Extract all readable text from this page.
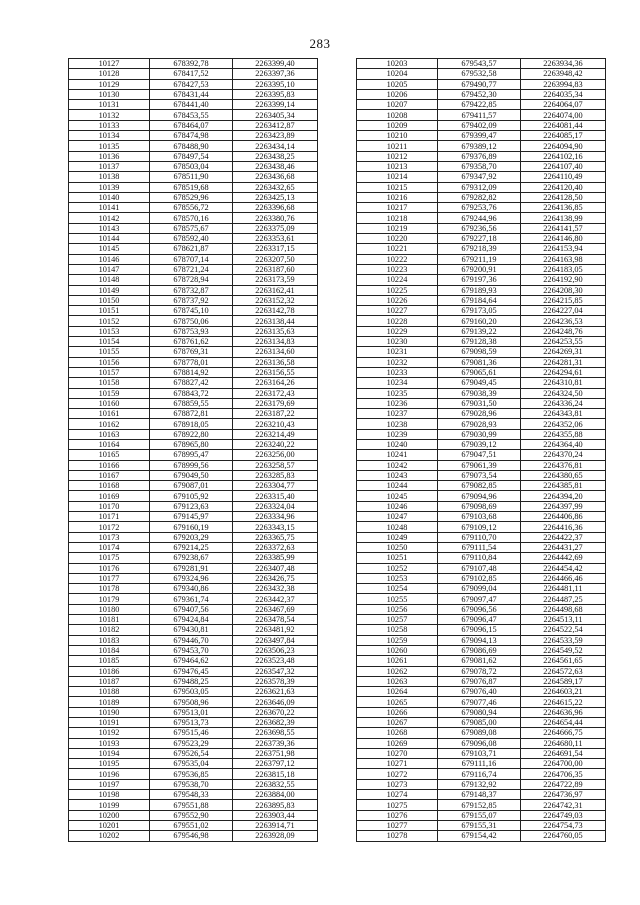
283
10127	678392,78	2263399,40
10128	678417,52	2263397,36
10129	678427,53	2263395,10
10130	678431,44	2263395,83
10131	678441,40	2263399,14
10132	678453,55	2263405,34
10133	678464,07	2263412,87
10134	678474,98	2263423,89
10135	678488,90	2263434,14
10136	678497,54	2263438,25
10137	678503,04	2263438,46
10138	678511,90	2263436,68
10139	678519,68	2263432,65
10140	678529,96	2263425,13
10141	678556,72	2263396,68
10142	678570,16	2263380,76
10143	678575,67	2263375,09
10144	678592,40	2263353,61
10145	678621,87	2263317,15
10146	678707,14	2263207,50
10147	678721,24	2263187,60
10148	678728,94	2263173,59
10149	678732,87	2263162,41
10150	678737,92	2263152,32
10151	678745,10	2263142,78
10152	678750,06	2263138,44
10153	678753,93	2263135,63
10154	678761,62	2263134,83
10155	678769,31	2263134,60
10156	678778,01	2263136,58
10157	678814,92	2263156,55
10158	678827,42	2263164,26
10159	678843,72	2263172,43
10160	678859,55	2263179,69
10161	678872,81	2263187,22
10162	678918,05	2263210,43
10163	678922,80	2263214,49
10164	678965,80	2263240,22
10165	678995,47	2263256,00
10166	678999,56	2263258,57
10167	679049,50	2263285,83
10168	679087,01	2263304,77
10169	679105,92	2263315,40
10170	679123,63	2263324,04
10171	679145,97	2263334,96
10172	679160,19	2263343,15
10173	679203,29	2263365,75
10174	679214,25	2263372,63
10175	679238,67	2263385,99
10176	679281,91	2263407,48
10177	679324,96	2263426,75
10178	679340,86	2263432,38
10179	679361,74	2263442,37
10180	679407,56	2263467,69
10181	679424,84	2263478,54
10182	679430,81	2263481,92
10183	679446,70	2263497,84
10184	679453,70	2263506,23
10185	679464,62	2263523,48
10186	679476,45	2263547,32
10187	679488,25	2263578,39
10188	679503,05	2263621,63
10189	679508,96	2263646,09
10190	679513,01	2263670,22
10191	679513,73	2263682,39
10192	679515,46	2263698,55
10193	679523,29	2263739,36
10194	679526,54	2263751,98
10195	679535,04	2263797,12
10196	679536,85	2263815,18
10197	679538,70	2263832,55
10198	679548,33	2263884,00
10199	679551,88	2263895,83
10200	679552,90	2263903,44
10201	679551,02	2263914,71
10202	679546,98	2263928,09
10203	679543,57	2263934,36
10204	679532,58	2263948,42
10205	679490,77	2263994,83
10206	679452,30	2264035,34
10207	679422,85	2264064,07
10208	679411,57	2264074,00
10209	679402,09	2264081,44
10210	679399,47	2264085,17
10211	679389,12	2264094,90
10212	679376,89	2264102,16
10213	679358,70	2264107,40
10214	679347,92	2264110,49
10215	679312,09	2264120,40
10216	679282,82	2264128,50
10217	679253,76	2264136,85
10218	679244,96	2264138,99
10219	679236,56	2264141,57
10220	679227,18	2264146,80
10221	679218,39	2264153,94
10222	679211,19	2264163,98
10223	679200,91	2264183,05
10224	679197,36	2264192,90
10225	679189,93	2264208,30
10226	679184,64	2264215,85
10227	679173,05	2264227,04
10228	679160,20	2264236,53
10229	679139,22	2264248,76
10230	679128,38	2264253,55
10231	679098,59	2264269,31
10232	679081,36	2264281,31
10233	679065,61	2264294,61
10234	679049,45	2264310,81
10235	679038,39	2264324,50
10236	679031,50	2264336,24
10237	679028,96	2264343,81
10238	679028,93	2264352,06
10239	679030,99	2264355,88
10240	679039,12	2264364,40
10241	679047,51	2264370,24
10242	679061,39	2264376,81
10243	679073,54	2264380,65
10244	679082,85	2264385,81
10245	679094,96	2264394,20
10246	679098,69	2264397,99
10247	679103,68	2264406,86
10248	679109,12	2264416,36
10249	679110,70	2264422,37
10250	679111,54	2264431,27
10251	679110,84	2264442,69
10252	679107,48	2264454,42
10253	679102,85	2264466,46
10254	679099,04	2264481,11
10255	679097,47	2264487,25
10256	679096,56	2264498,68
10257	679096,47	2264513,11
10258	679096,15	2264522,54
10259	679094,13	2264533,59
10260	679086,69	2264549,52
10261	679081,62	2264561,65
10262	679078,72	2264572,63
10263	679076,87	2264589,17
10264	679076,40	2264603,21
10265	679077,46	2264615,22
10266	679080,94	2264636,96
10267	679085,00	2264654,44
10268	679089,08	2264666,75
10269	679096,08	2264680,11
10270	679103,71	2264691,54
10271	679111,16	2264700,00
10272	679116,74	2264706,35
10273	679132,92	2264722,89
10274	679148,37	2264736,97
10275	679152,85	2264742,31
10276	679155,07	2264749,03
10277	679155,31	2264754,73
10278	679154,42	2264760,05
